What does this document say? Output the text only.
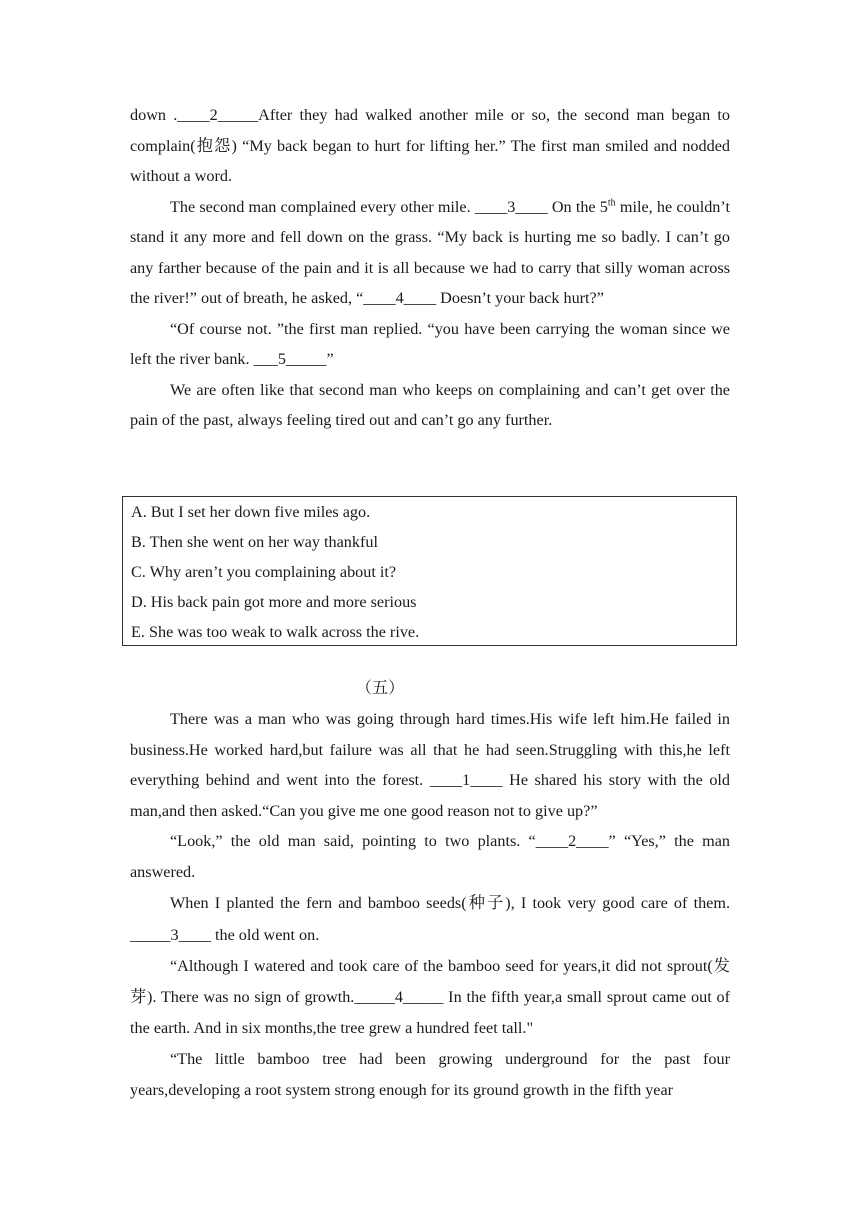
down .____2_____After they had walked another mile or so, the second man began to complain(抱怨) “My back began to hurt for lifting her.” The first man smiled and nodded without a word.

The second man complained every other mile. ____3____ On the 5th mile, he couldn’t stand it any more and fell down on the grass. “My back is hurting me so badly. I can’t go any farther because of the pain and it is all because we had to carry that silly woman across the river!” out of breath, he asked, “____4____ Doesn’t your back hurt?”

“Of course not. ”the first man replied. “you have been carrying the woman since we left the river bank. ___5_____”

We are often like that second man who keeps on complaining and can’t get over the pain of the past, always feeling tired out and can’t go any further.

A. But I set her down five miles ago.
B. Then she went on her way thankful
C. Why aren’t you complaining about it?
D. His back pain got more and more serious
E. She was too weak to walk across the rive.
（五）

There was a man who was going through hard times.His wife left him.He failed in business.He worked hard,but failure was all that he had seen.Struggling with this,he left everything behind and went into the forest. ____1____ He shared his story with the old man,and then asked.“Can you give me one good reason not to give up?”

“Look,” the old man said, pointing to two plants. “____2____” “Yes,” the man answered.

When I planted the fern and bamboo seeds(种子), I took very good care of them. _____3____ the old went on.

“Although I watered and took care of the bamboo seed for years,it did not sprout(发芽). There was no sign of growth._____4_____ In the fifth year,a small sprout came out of the earth. And in six months,the tree grew a hundred feet tall."

“The little bamboo tree had been growing underground for the past four years,developing a root system strong enough for its ground growth in the fifth year
